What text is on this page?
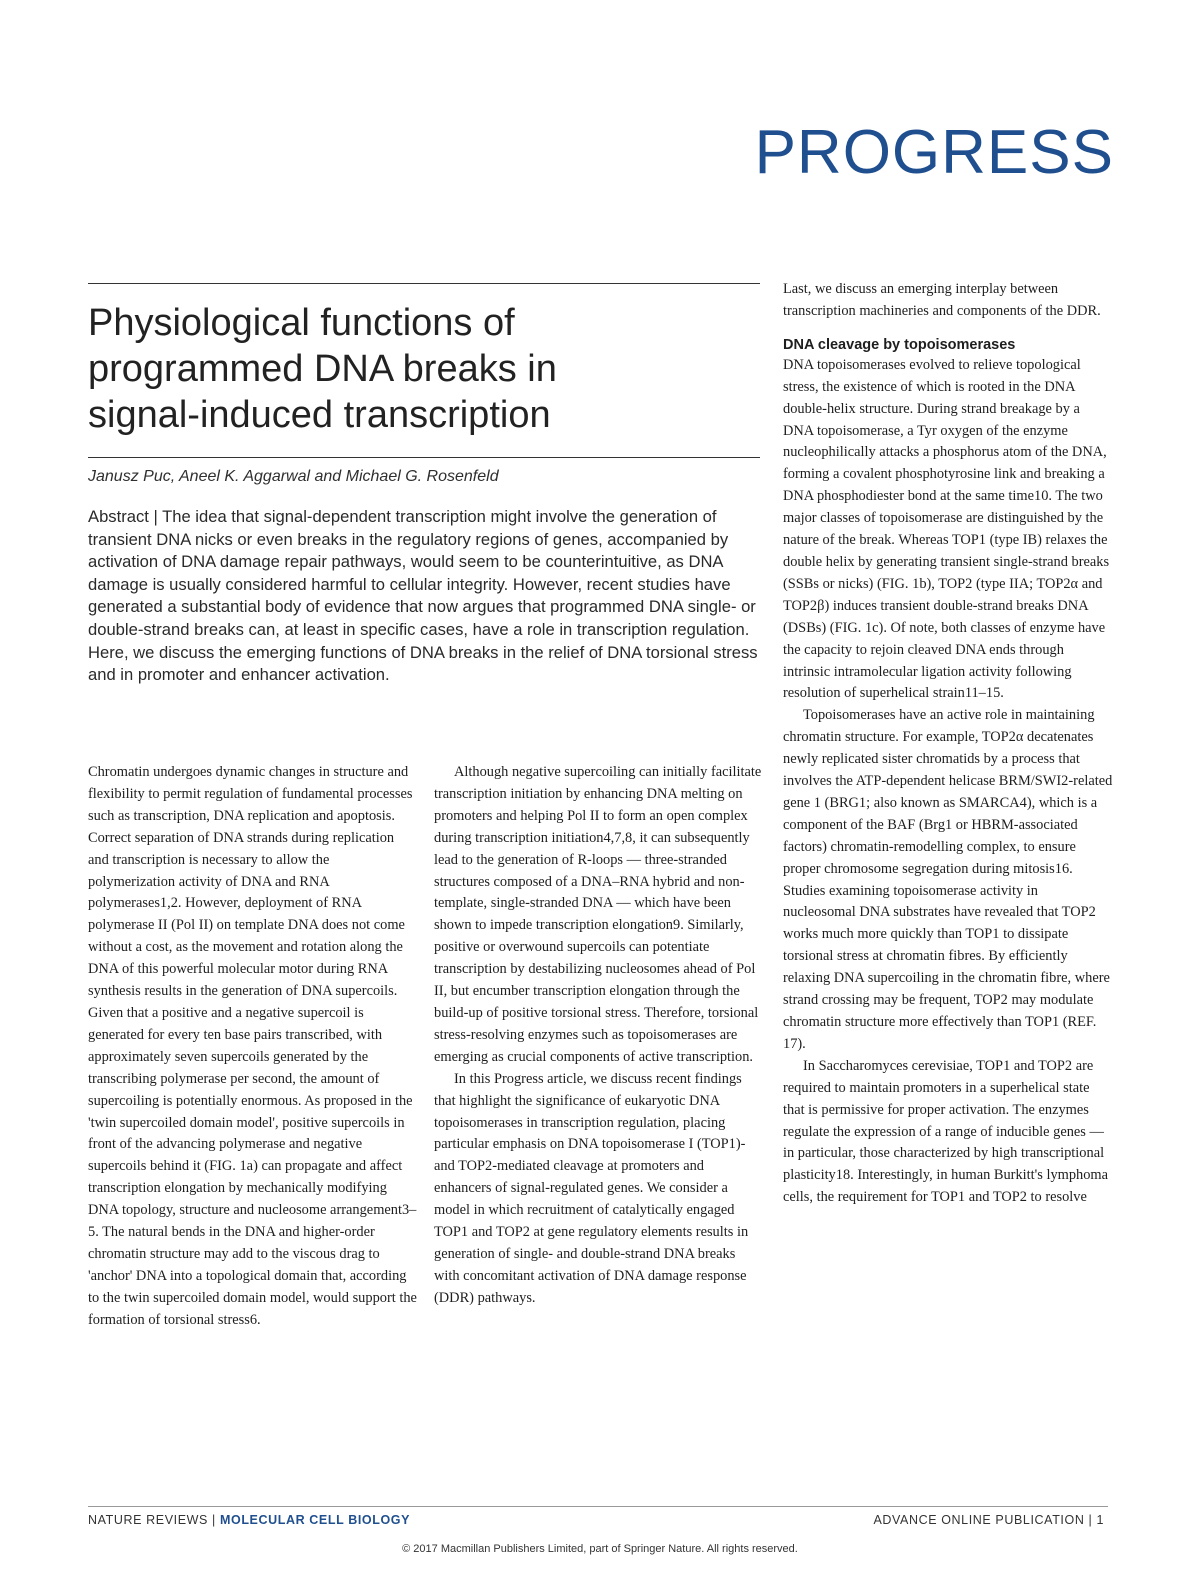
PROGRESS
Physiological functions of
programmed DNA breaks in
signal-induced transcription
Janusz Puc, Aneel K. Aggarwal and Michael G. Rosenfeld
Abstract | The idea that signal-dependent transcription might involve the generation of transient DNA nicks or even breaks in the regulatory regions of genes, accompanied by activation of DNA damage repair pathways, would seem to be counterintuitive, as DNA damage is usually considered harmful to cellular integrity. However, recent studies have generated a substantial body of evidence that now argues that programmed DNA single- or double-strand breaks can, at least in specific cases, have a role in transcription regulation. Here, we discuss the emerging functions of DNA breaks in the relief of DNA torsional stress and in promoter and enhancer activation.

Chromatin undergoes dynamic changes in structure and flexibility to permit regulation of fundamental processes such as transcription, DNA replication and apoptosis. Correct separation of DNA strands during replication and transcription is necessary to allow the polymerization activity of DNA and RNA polymerases1,2. However, deployment of RNA polymerase II (Pol II) on template DNA does not come without a cost, as the movement and rotation along the DNA of this powerful molecular motor during RNA synthesis results in the generation of DNA supercoils. Given that a positive and a negative supercoil is generated for every ten base pairs transcribed, with approximately seven supercoils generated by the transcribing polymerase per second, the amount of supercoiling is potentially enormous. As proposed in the 'twin supercoiled domain model', positive supercoils in front of the advancing polymerase and negative supercoils behind it (FIG. 1a) can propagate and affect transcription elongation by mechanically modifying DNA topology, structure and nucleosome arrangement3–5. The natural bends in the DNA and higher-order chromatin structure may add to the viscous drag to 'anchor' DNA into a topological domain that, according to the twin supercoiled domain model, would support the formation of torsional stress6.

Although negative supercoiling can initially facilitate transcription initiation by enhancing DNA melting on promoters and helping Pol II to form an open complex during transcription initiation4,7,8, it can subsequently lead to the generation of R-loops — three-stranded structures composed of a DNA–RNA hybrid and non-template, single-stranded DNA — which have been shown to impede transcription elongation9. Similarly, positive or overwound supercoils can potentiate transcription by destabilizing nucleosomes ahead of Pol II, but encumber transcription elongation through the build-up of positive torsional stress. Therefore, torsional stress-resolving enzymes such as topoisomerases are emerging as crucial components of active transcription.

In this Progress article, we discuss recent findings that highlight the significance of eukaryotic DNA topoisomerases in transcription regulation, placing particular emphasis on DNA topoisomerase I (TOP1)- and TOP2-mediated cleavage at promoters and enhancers of signal-regulated genes. We consider a model in which recruitment of catalytically engaged TOP1 and TOP2 at gene regulatory elements results in generation of single- and double-strand DNA breaks with concomitant activation of DNA damage response (DDR) pathways.

Last, we discuss an emerging interplay between transcription machineries and components of the DDR.

DNA cleavage by topoisomerases

DNA topoisomerases evolved to relieve topological stress, the existence of which is rooted in the DNA double-helix structure. During strand breakage by a DNA topoisomerase, a Tyr oxygen of the enzyme nucleophilically attacks a phosphorus atom of the DNA, forming a covalent phosphotyrosine link and breaking a DNA phosphodiester bond at the same time10. The two major classes of topoisomerase are distinguished by the nature of the break. Whereas TOP1 (type IB) relaxes the double helix by generating transient single-strand breaks (SSBs or nicks) (FIG. 1b), TOP2 (type IIA; TOP2α and TOP2β) induces transient double-strand breaks DNA (DSBs) (FIG. 1c). Of note, both classes of enzyme have the capacity to rejoin cleaved DNA ends through intrinsic intramolecular ligation activity following resolution of superhelical strain11–15.

Topoisomerases have an active role in maintaining chromatin structure. For example, TOP2α decatenates newly replicated sister chromatids by a process that involves the ATP-dependent helicase BRM/SWI2-related gene 1 (BRG1; also known as SMARCA4), which is a component of the BAF (Brg1 or HBRM-associated factors) chromatin-remodelling complex, to ensure proper chromosome segregation during mitosis16. Studies examining topoisomerase activity in nucleosomal DNA substrates have revealed that TOP2 works much more quickly than TOP1 to dissipate torsional stress at chromatin fibres. By efficiently relaxing DNA supercoiling in the chromatin fibre, where strand crossing may be frequent, TOP2 may modulate chromatin structure more effectively than TOP1 (REF. 17).

In Saccharomyces cerevisiae, TOP1 and TOP2 are required to maintain promoters in a superhelical state that is permissive for proper activation. The enzymes regulate the expression of a range of inducible genes — in particular, those characterized by high transcriptional plasticity18. Interestingly, in human Burkitt's lymphoma cells, the requirement for TOP1 and TOP2 to resolve

NATURE REVIEWS | MOLECULAR CELL BIOLOGY	ADVANCE ONLINE PUBLICATION | 1
© 2017 Macmillan Publishers Limited, part of Springer Nature. All rights reserved.
